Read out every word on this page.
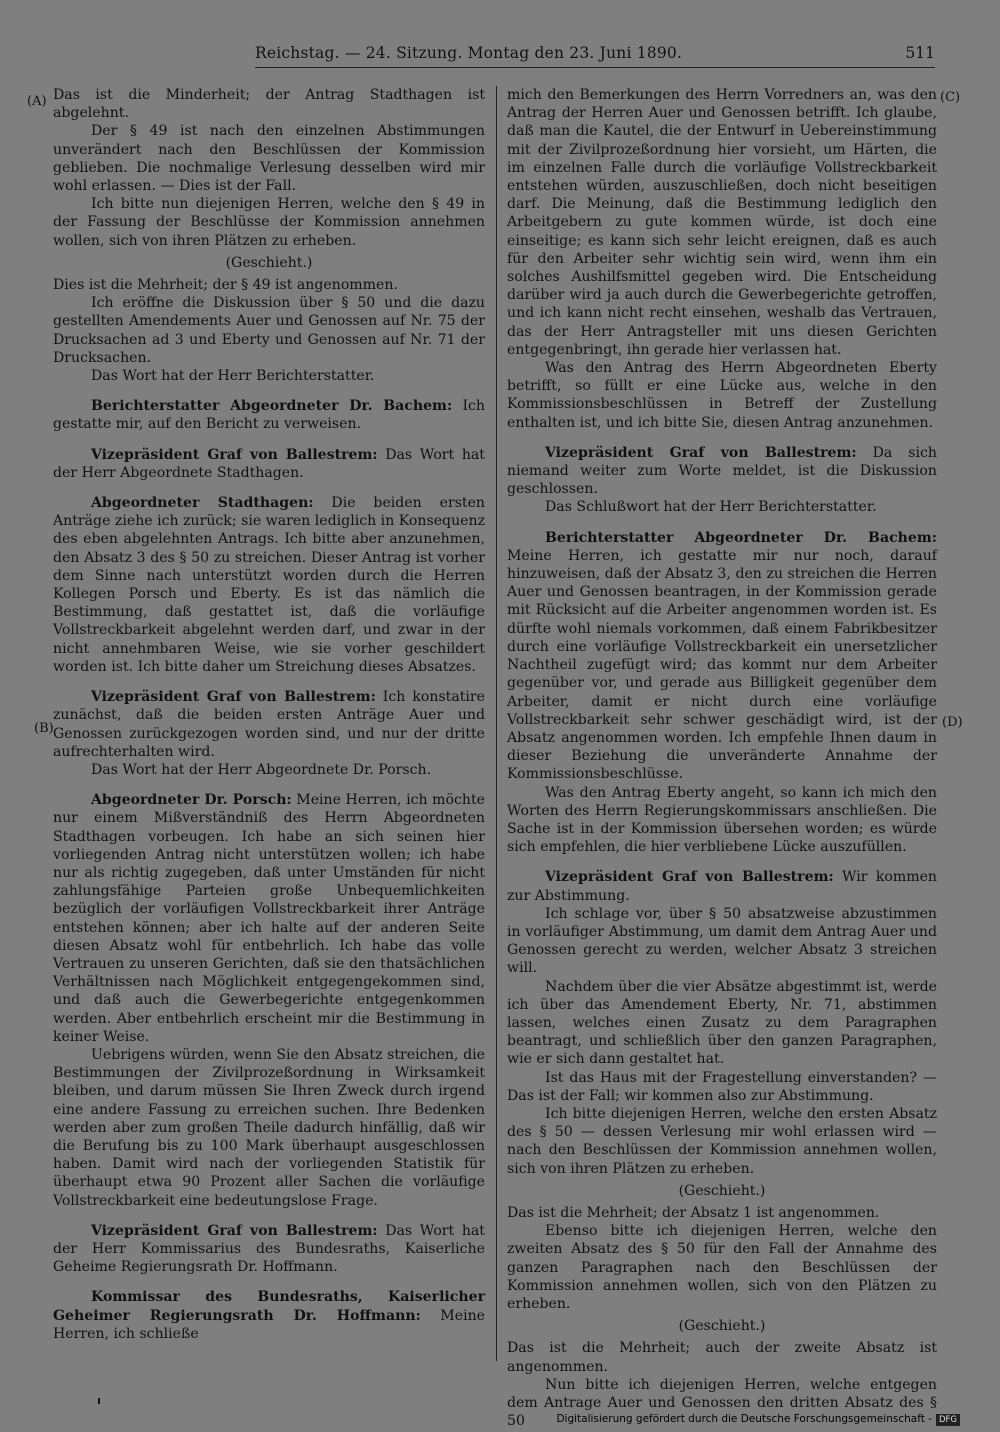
Reichstag. — 24. Sitzung. Montag den 23. Juni 1890.	511
(A)
(B)
(C)
(D)

Das ist die Minderheit; der Antrag Stadthagen ist abgelehnt.

Der § 49 ist nach den einzelnen Abstimmungen unverändert nach den Beschlüssen der Kommission geblieben. Die nochmalige Verlesung desselben wird mir wohl erlassen. — Dies ist der Fall.

Ich bitte nun diejenigen Herren, welche den § 49 in der Fassung der Beschlüsse der Kommission annehmen wollen, sich von ihren Plätzen zu erheben.

(Geschieht.)

Dies ist die Mehrheit; der § 49 ist angenommen.

Ich eröffne die Diskussion über § 50 und die dazu gestellten Amendements Auer und Genossen auf Nr. 75 der Drucksachen ad 3 und Eberty und Genossen auf Nr. 71 der Drucksachen.

Das Wort hat der Herr Berichterstatter.

Berichterstatter Abgeordneter Dr. Bachem: Ich gestatte mir, auf den Bericht zu verweisen.

Vizepräsident Graf von Ballestrem: Das Wort hat der Herr Abgeordnete Stadthagen.

Abgeordneter Stadthagen: Die beiden ersten Anträge ziehe ich zurück; sie waren lediglich in Konsequenz des eben abgelehnten Antrags. Ich bitte aber anzunehmen, den Absatz 3 des § 50 zu streichen. Dieser Antrag ist vorher dem Sinne nach unterstützt worden durch die Herren Kollegen Porsch und Eberty. Es ist das nämlich die Bestimmung, daß gestattet ist, daß die vorläufige Vollstreckbarkeit abgelehnt werden darf, und zwar in der nicht annehmbaren Weise, wie sie vorher geschildert worden ist. Ich bitte daher um Streichung dieses Absatzes.

Vizepräsident Graf von Ballestrem: Ich konstatire zunächst, daß die beiden ersten Anträge Auer und Genossen zurückgezogen worden sind, und nur der dritte aufrechterhalten wird.

Das Wort hat der Herr Abgeordnete Dr. Porsch.

Abgeordneter Dr. Porsch: Meine Herren, ich möchte nur einem Mißverständniß des Herrn Abgeordneten Stadthagen vorbeugen. Ich habe an sich seinen hier vorliegenden Antrag nicht unterstützen wollen; ich habe nur als richtig zugegeben, daß unter Umständen für nicht zahlungsfähige Parteien große Unbequemlichkeiten bezüglich der vorläufigen Vollstreckbarkeit ihrer Anträge entstehen können; aber ich halte auf der anderen Seite diesen Absatz wohl für entbehrlich. Ich habe das volle Vertrauen zu unseren Gerichten, daß sie den thatsächlichen Verhältnissen nach Möglichkeit entgegengekommen sind, und daß auch die Gewerbegerichte entgegenkommen werden. Aber entbehrlich erscheint mir die Bestimmung in keiner Weise.

Uebrigens würden, wenn Sie den Absatz streichen, die Bestimmungen der Zivilprozeßordnung in Wirksamkeit bleiben, und darum müssen Sie Ihren Zweck durch irgend eine andere Fassung zu erreichen suchen. Ihre Bedenken werden aber zum großen Theile dadurch hinfällig, daß wir die Berufung bis zu 100 Mark überhaupt ausgeschlossen haben. Damit wird nach der vorliegenden Statistik für überhaupt etwa 90 Prozent aller Sachen die vorläufige Vollstreckbarkeit eine bedeutungslose Frage.

Vizepräsident Graf von Ballestrem: Das Wort hat der Herr Kommissarius des Bundesraths, Kaiserliche Geheime Regierungsrath Dr. Hoffmann.

Kommissar des Bundesraths, Kaiserlicher Geheimer Regierungsrath Dr. Hoffmann: Meine Herren, ich schließe

mich den Bemerkungen des Herrn Vorredners an, was den Antrag der Herren Auer und Genossen betrifft. Ich glaube, daß man die Kautel, die der Entwurf in Uebereinstimmung mit der Zivilprozeßordnung hier vorsieht, um Härten, die im einzelnen Falle durch die vorläufige Vollstreckbarkeit entstehen würden, auszuschließen, doch nicht beseitigen darf. Die Meinung, daß die Bestimmung lediglich den Arbeitgebern zu gute kommen würde, ist doch eine einseitige; es kann sich sehr leicht ereignen, daß es auch für den Arbeiter sehr wichtig sein wird, wenn ihm ein solches Aushilfsmittel gegeben wird. Die Entscheidung darüber wird ja auch durch die Gewerbegerichte getroffen, und ich kann nicht recht einsehen, weshalb das Vertrauen, das der Herr Antragsteller mit uns diesen Gerichten entgegenbringt, ihn gerade hier verlassen hat.

Was den Antrag des Herrn Abgeordneten Eberty betrifft, so füllt er eine Lücke aus, welche in den Kommissionsbeschlüssen in Betreff der Zustellung enthalten ist, und ich bitte Sie, diesen Antrag anzunehmen.

Vizepräsident Graf von Ballestrem: Da sich niemand weiter zum Worte meldet, ist die Diskussion geschlossen.

Das Schlußwort hat der Herr Berichterstatter.

Berichterstatter Abgeordneter Dr. Bachem: Meine Herren, ich gestatte mir nur noch, darauf hinzuweisen, daß der Absatz 3, den zu streichen die Herren Auer und Genossen beantragen, in der Kommission gerade mit Rücksicht auf die Arbeiter angenommen worden ist. Es dürfte wohl niemals vorkommen, daß einem Fabrikbesitzer durch eine vorläufige Vollstreckbarkeit ein unersetzlicher Nachtheil zugefügt wird; das kommt nur dem Arbeiter gegenüber vor, und gerade aus Billigkeit gegenüber dem Arbeiter, damit er nicht durch eine vorläufige Vollstreckbarkeit sehr schwer geschädigt wird, ist der Absatz angenommen worden. Ich empfehle Ihnen daum in dieser Beziehung die unveränderte Annahme der Kommissionsbeschlüsse.

Was den Antrag Eberty angeht, so kann ich mich den Worten des Herrn Regierungskommissars anschließen. Die Sache ist in der Kommission übersehen worden; es würde sich empfehlen, die hier verbliebene Lücke auszufüllen.

Vizepräsident Graf von Ballestrem: Wir kommen zur Abstimmung.

Ich schlage vor, über § 50 absatzweise abzustimmen in vorläufiger Abstimmung, um damit dem Antrag Auer und Genossen gerecht zu werden, welcher Absatz 3 streichen will.

Nachdem über die vier Absätze abgestimmt ist, werde ich über das Amendement Eberty, Nr. 71, abstimmen lassen, welches einen Zusatz zu dem Paragraphen beantragt, und schließlich über den ganzen Paragraphen, wie er sich dann gestaltet hat.

Ist das Haus mit der Fragestellung einverstanden? — Das ist der Fall; wir kommen also zur Abstimmung.

Ich bitte diejenigen Herren, welche den ersten Absatz des § 50 — dessen Verlesung mir wohl erlassen wird — nach den Beschlüssen der Kommission annehmen wollen, sich von ihren Plätzen zu erheben.

(Geschieht.)

Das ist die Mehrheit; der Absatz 1 ist angenommen.

Ebenso bitte ich diejenigen Herren, welche den zweiten Absatz des § 50 für den Fall der Annahme des ganzen Paragraphen nach den Beschlüssen der Kommission annehmen wollen, sich von den Plätzen zu erheben.

(Geschieht.)

Das ist die Mehrheit; auch der zweite Absatz ist angenommen.

Nun bitte ich diejenigen Herren, welche entgegen dem Antrage Auer und Genossen den dritten Absatz des § 50	Digitalisierung gefördert durch die Deutsche Forschungsgemeinschaft - DFG
